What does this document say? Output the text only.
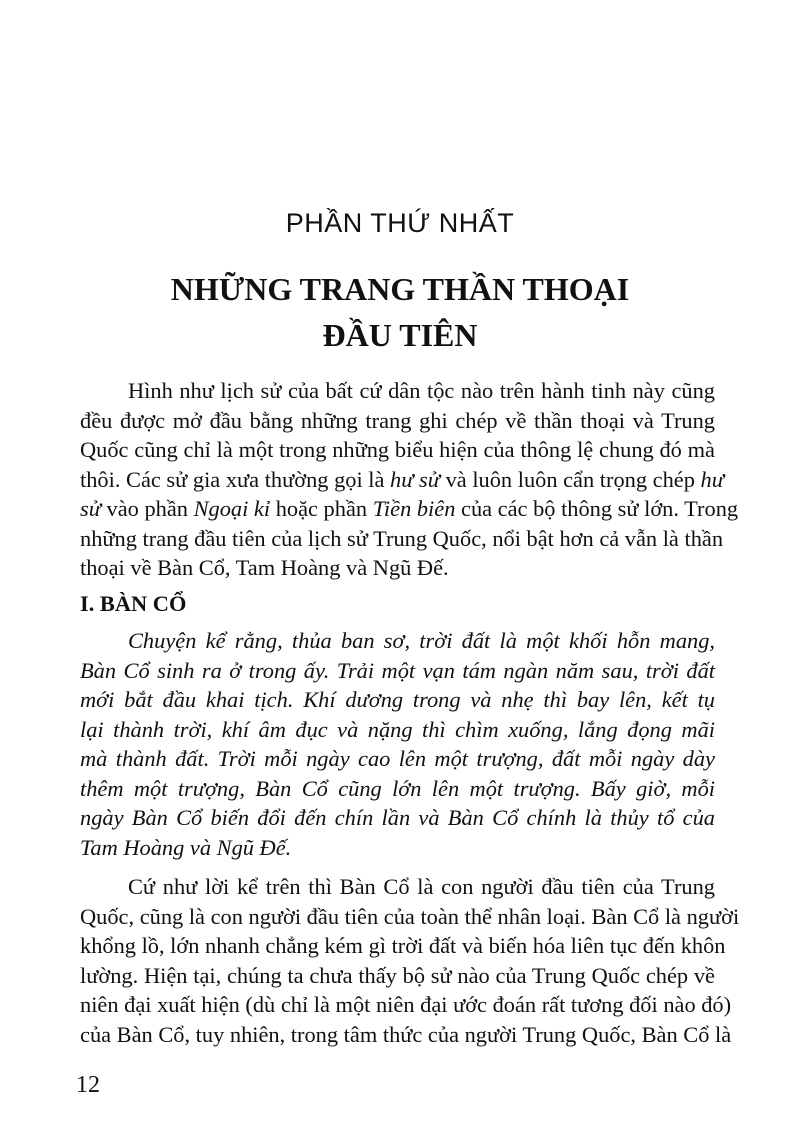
PHẦN THỨ NHẤT
NHỮNG TRANG THẦN THOẠI
ĐẦU TIÊN
Hình như lịch sử của bất cứ dân tộc nào trên hành tinh này cũng
đều được mở đầu bằng những trang ghi chép về thần thoại và Trung
Quốc cũng chỉ là một trong những biểu hiện của thông lệ chung đó mà
thôi. Các sử gia xưa thường gọi là hư sử và luôn luôn cẩn trọng chép hư
sử vào phần Ngoại kỉ hoặc phần Tiền biên của các bộ thông sử lớn. Trong
những trang đầu tiên của lịch sử Trung Quốc, nổi bật hơn cả vẫn là thần
thoại về Bàn Cổ, Tam Hoàng và Ngũ Đế.
I. BÀN CỔ
Chuyện kể rằng, thủa ban sơ, trời đất là một khối hỗn mang,
Bàn Cổ sinh ra ở trong ấy. Trải một vạn tám ngàn năm sau, trời đất
mới bắt đầu khai tịch. Khí dương trong và nhẹ thì bay lên, kết tụ
lại thành trời, khí âm đục và nặng thì chìm xuống, lắng đọng mãi
mà thành đất. Trời mỗi ngày cao lên một trượng, đất mỗi ngày dày
thêm một trượng, Bàn Cổ cũng lớn lên một trượng. Bấy giờ, mỗi
ngày Bàn Cổ biến đổi đến chín lần và Bàn Cổ chính là thủy tổ của
Tam Hoàng và Ngũ Đế.
Cứ như lời kể trên thì Bàn Cổ là con người đầu tiên của Trung
Quốc, cũng là con người đầu tiên của toàn thể nhân loại. Bàn Cổ là người
khổng lồ, lớn nhanh chẳng kém gì trời đất và biến hóa liên tục đến khôn
lường. Hiện tại, chúng ta chưa thấy bộ sử nào của Trung Quốc chép về
niên đại xuất hiện (dù chỉ là một niên đại ước đoán rất tương đối nào đó)
của Bàn Cổ, tuy nhiên, trong tâm thức của người Trung Quốc, Bàn Cổ là

12
